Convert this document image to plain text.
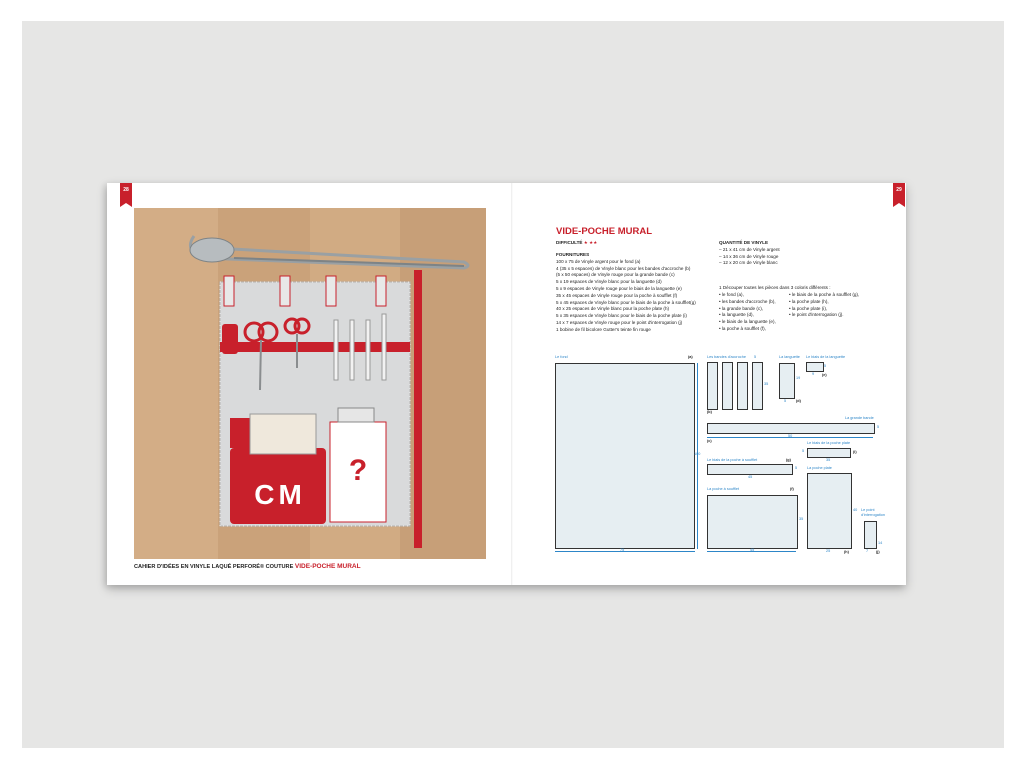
28	29
?
CM
CAHIER D'IDÉES EN VINYLE LAQUÉ PERFORÉ® COUTURE VIDE-POCHE MURAL
VIDE-POCHE MURAL
DIFFICULTÉ ★ ★★
FOURNITURES
100 x 75 de Vinyle argent pour le fond (a)
4 (35 x 5 espaces) de Vinyle blanc pour les bandes d'accroche (b)
(5 x 50 espaces) de Vinyle rouge pour la grande bande (c)
5 x 19 espaces de Vinyle blanc pour la languette (d)
5 x 9 espaces de Vinyle rouge pour le biais de la languette (e)
35 x 45 espaces de Vinyle rouge pour la poche à soufflet (f)
5 x 45 espaces de Vinyle blanc pour le biais de la poche à soufflet(g)
40 x 25 espaces de Vinyle blanc pour la poche plate (h)
5 x 35 espaces de Vinyle blanc pour le biais de la poche plate (i)
14 x 7 espaces de Vinyle rouge pour le point d'interrogation (j)
1 bobine de fil bicolore Gutter's teinte fin rouge
QUANTITÉ DE VINYLE
– 21 x 41 cm de Vinyle argent
– 14 x 36 cm de Vinyle rouge
– 12 x 20 cm de Vinyle blanc
1 Découper toutes les pièces dans 3 coloris différents :
• le fond (a),
• les bandes d'accroche (b),
• la grande bande (c),
• la languette (d),
• le biais de la languette (e),
• la poche à soufflet (f),
• le biais de la poche à soufflet (g),
• la poche plate (h),
• la poche plate (i),
• le point d'interrogation (j).
Le fond	(a)
100
75
Les bandes d'accroche 5
35
(b)
La languette
19
5	(d)
Le biais de la languette
5
9 (e)
La grande bande
5
50
(c)	Le biais de la poche plate
5	(i)
35
Le biais de la poche à soufflet	(g)
5
45
La poche plate
40
25	(h)
La poche à soufflet	(f)
35
45
Le point d'interrogation
14
7 (j)
